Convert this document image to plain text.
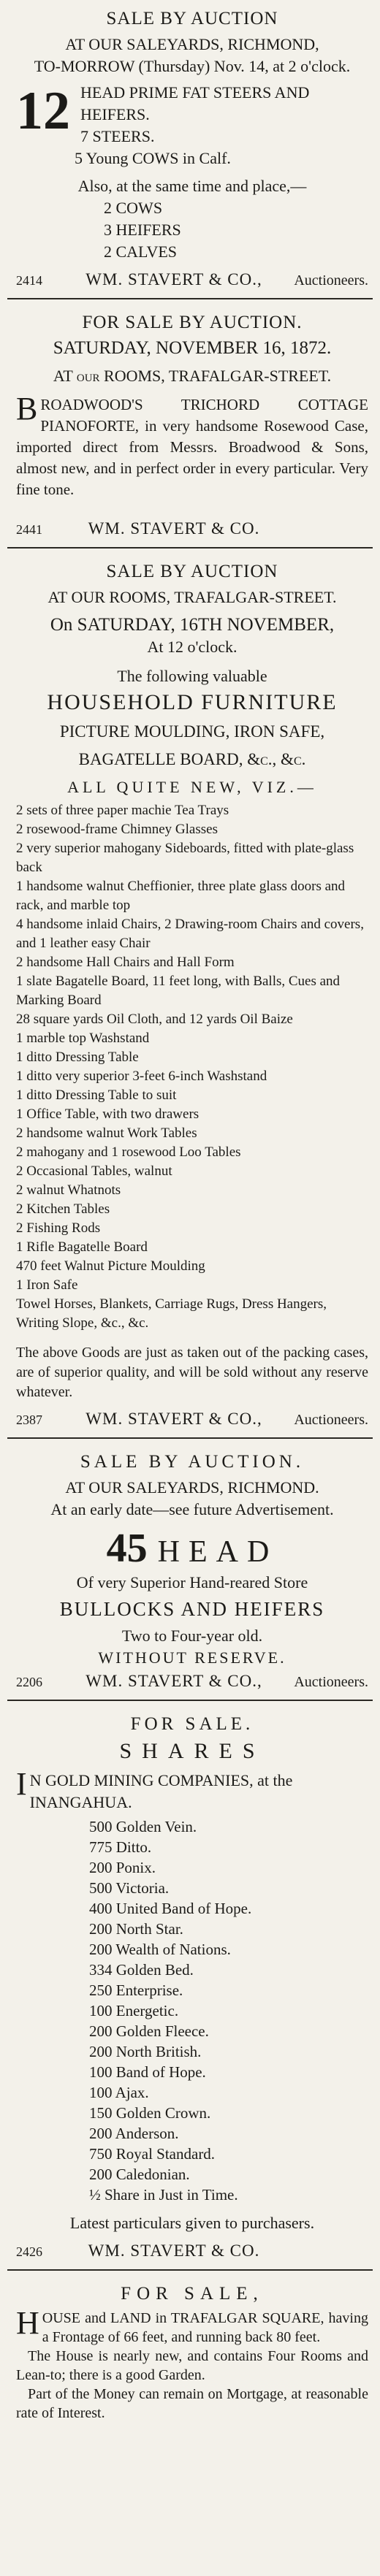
SALE BY AUCTION
AT OUR SALEYARDS, RICHMOND,
TO-MORROW (Thursday) Nov. 14, at 2 o'clock.
12 HEAD PRIME FAT STEERS AND
HEIFERS.
7 STEERS.
5 Young COWS in Calf.
Also, at the same time and place,—
2 COWS
3 HEIFERS
2 CALVES
2414	WM. STAVERT & CO.,	Auctioneers.
FOR SALE BY AUCTION.
SATURDAY, NOVEMBER 16, 1872.
AT our ROOMS, TRAFALGAR-STREET.
BROADWOOD'S TRICHORD COTTAGE PIANOFORTE, in very handsome Rosewood Case, imported direct from Messrs. Broadwood & Sons, almost new, and in perfect order in every particular. Very fine tone.
2441	WM. STAVERT & CO.
SALE BY AUCTION
AT OUR ROOMS, TRAFALGAR-STREET.
On SATURDAY, 16TH NOVEMBER,
At 12 o'clock.
The following valuable
HOUSEHOLD FURNITURE
PICTURE MOULDING, IRON SAFE,
BAGATELLE BOARD, &c., &c.
ALL QUITE NEW, VIZ.—
2 sets of three paper machie Tea Trays
2 rosewood-frame Chimney Glasses
2 very superior mahogany Sideboards, fitted with plate-glass back
1 handsome walnut Cheffionier, three plate glass doors and rack, and marble top
4 handsome inlaid Chairs, 2 Drawing-room Chairs and covers, and 1 leather easy Chair
2 handsome Hall Chairs and Hall Form
1 slate Bagatelle Board, 11 feet long, with Balls, Cues and Marking Board
28 square yards Oil Cloth, and 12 yards Oil Baize
1 marble top Washstand
1 ditto Dressing Table
1 ditto very superior 3-feet 6-inch Washstand
1 ditto Dressing Table to suit
1 Office Table, with two drawers
2 handsome walnut Work Tables
2 mahogany and 1 rosewood Loo Tables
2 Occasional Tables, walnut
2 walnut Whatnots
2 Kitchen Tables
2 Fishing Rods
1 Rifle Bagatelle Board
470 feet Walnut Picture Moulding
1 Iron Safe
Towel Horses, Blankets, Carriage Rugs, Dress Hangers, Writing Slope, &c., &c.
The above Goods are just as taken out of the packing cases, are of superior quality, and will be sold without any reserve whatever.
2387	WM. STAVERT & CO.,	Auctioneers.
SALE BY AUCTION.
AT OUR SALEYARDS, RICHMOND.
At an early date—see future Advertisement.
45 HEAD
Of very Superior Hand-reared Store
BULLOCKS AND HEIFERS
Two to Four-year old.
WITHOUT RESERVE.
2206	WM. STAVERT & CO.,	Auctioneers.
FOR SALE.
SHARES
I N GOLD MINING COMPANIES, at the INANGAHUA.
500 Golden Vein.
775 Ditto.
200 Ponix.
500 Victoria.
400 United Band of Hope.
200 North Star.
200 Wealth of Nations.
334 Golden Bed.
250 Enterprise.
100 Energetic.
200 Golden Fleece.
200 North British.
100 Band of Hope.
100 Ajax.
150 Golden Crown.
200 Anderson.
750 Royal Standard.
200 Caledonian.
½ Share in Just in Time.
Latest particulars given to purchasers.
2426	WM. STAVERT & CO.
FOR SALE,
HOUSE and LAND in TRAFALGAR SQUARE, having a Frontage of 66 feet, and running back 80 feet.
The House is nearly new, and contains Four Rooms and Lean-to; there is a good Garden.
Part of the Money can remain on Mortgage, at reasonable rate of Interest.
